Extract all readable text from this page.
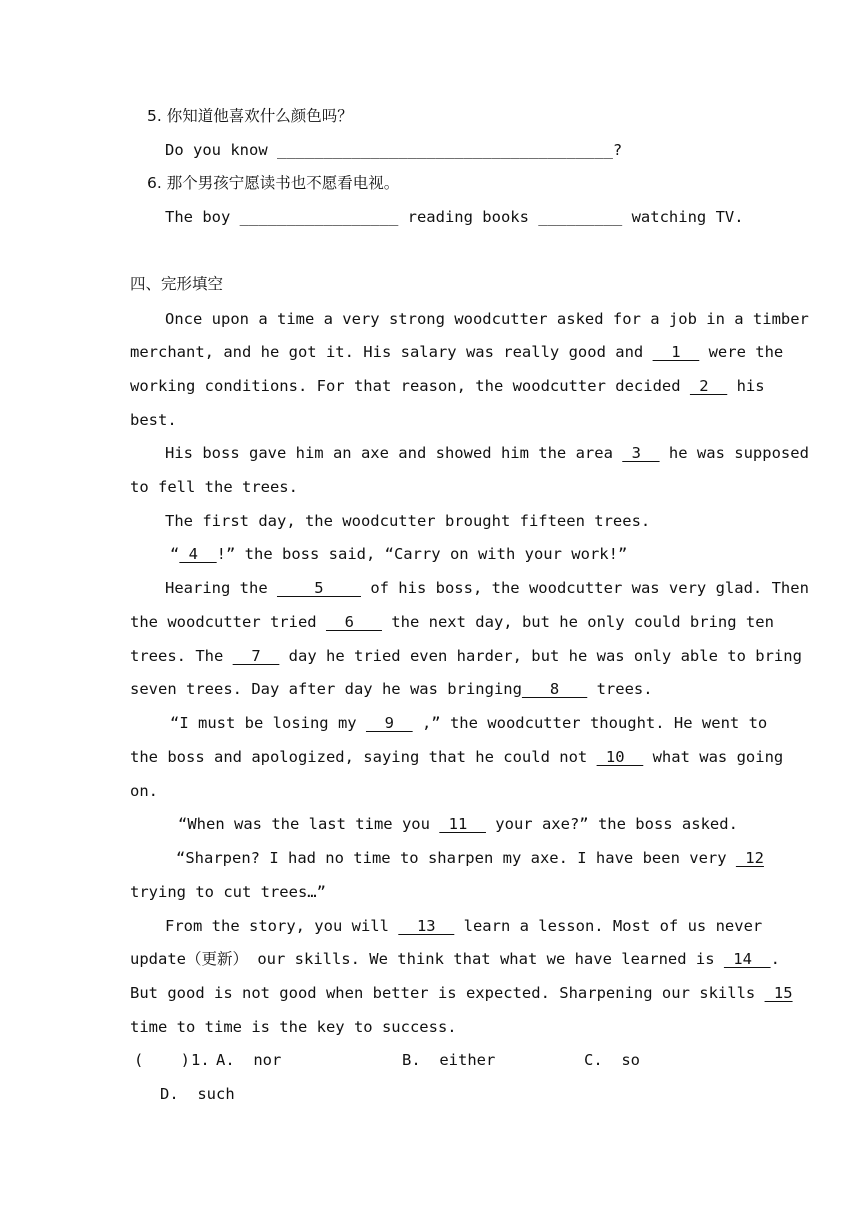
5. 你知道他喜欢什么颜色吗？
Do you know ____________________________________?
6. 那个男孩宁愿读书也不愿看电视。
The boy _________________ reading books _________ watching TV.
四、完形填空
Once upon a time a very strong woodcutter asked for a job in a timber
merchant, and he got it. His salary was really good and   1   were the
working conditions. For that reason, the woodcutter decided  2   his
best.
His boss gave him an axe and showed him the area  3   he was supposed
to fell the trees.
The first day, the woodcutter brought fifteen trees.
“ 4  !” the boss said, “Carry on with your work!”
Hearing the     5     of his boss, the woodcutter was very glad. Then
the woodcutter tried   6    the next day, but he only could bring ten
trees. The   7   day he tried even harder, but he was only able to bring
seven trees. Day after day he was bringing   8    trees.
“I must be losing my   9   ,” the woodcutter thought. He went to
the boss and apologized, saying that he could not  10   what was going
on.
“When was the last time you  11   your axe?” the boss asked.
“Sharpen? I had no time to sharpen my axe. I have been very  12
trying to cut trees…”
From the story, you will   13   learn a lesson. Most of us never
update（更新） our skills. We think that what we have learned is  14  .
But good is not good when better is expected. Sharpening our skills  15
time to time is the key to success.
(    ) 1. A.  nor	B.  either	C.  so
D.  such
